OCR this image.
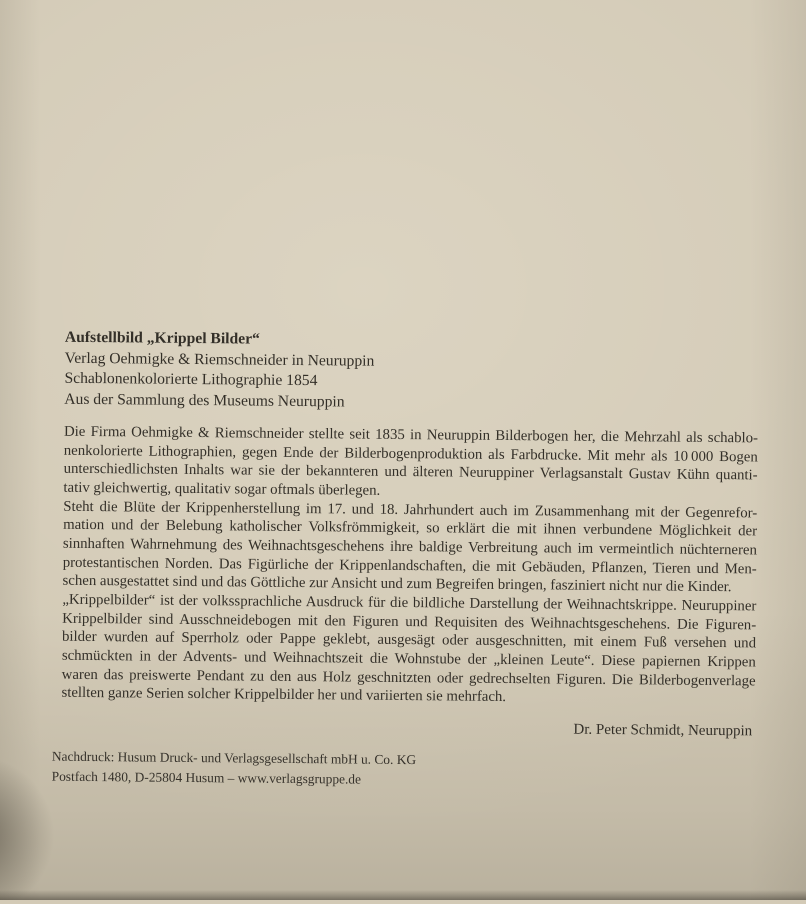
Aufstellbild „Krippel Bilder“
Verlag Oehmigke & Riemschneider in Neuruppin
Schablonenkolorierte Lithographie 1854
Aus der Sammlung des Museums Neuruppin
Die Firma Oehmigke & Riemschneider stellte seit 1835 in Neuruppin Bilderbogen her, die Mehrzahl als schablo-
nenkolorierte Lithographien, gegen Ende der Bilderbogenproduktion als Farbdrucke. Mit mehr als 10 000 Bogen
unterschiedlichsten Inhalts war sie der bekannteren und älteren Neuruppiner Verlagsanstalt Gustav Kühn quanti-
tativ gleichwertig, qualitativ sogar oftmals überlegen.
Steht die Blüte der Krippenherstellung im 17. und 18. Jahrhundert auch im Zusammenhang mit der Gegenrefor-
mation und der Belebung katholischer Volksfrömmigkeit, so erklärt die mit ihnen verbundene Möglichkeit der
sinnhaften Wahrnehmung des Weihnachtsgeschehens ihre baldige Verbreitung auch im vermeintlich nüchterneren
protestantischen Norden. Das Figürliche der Krippenlandschaften, die mit Gebäuden, Pflanzen, Tieren und Men-
schen ausgestattet sind und das Göttliche zur Ansicht und zum Begreifen bringen, fasziniert nicht nur die Kinder.
„Krippelbilder“ ist der volkssprachliche Ausdruck für die bildliche Darstellung der Weihnachtskrippe. Neuruppiner
Krippelbilder sind Ausschneidebogen mit den Figuren und Requisiten des Weihnachtsgeschehens. Die Figuren-
bilder wurden auf Sperrholz oder Pappe geklebt, ausgesägt oder ausgeschnitten, mit einem Fuß versehen und
schmückten in der Advents- und Weihnachtszeit die Wohnstube der „kleinen Leute“. Diese papiernen Krippen
waren das preiswerte Pendant zu den aus Holz geschnitzten oder gedrechselten Figuren. Die Bilderbogenverlage
stellten ganze Serien solcher Krippelbilder her und variierten sie mehrfach.
Dr. Peter Schmidt, Neuruppin
Nachdruck: Husum Druck- und Verlagsgesellschaft mbH u. Co. KG
Postfach 1480, D-25804 Husum – www.verlagsgruppe.de
